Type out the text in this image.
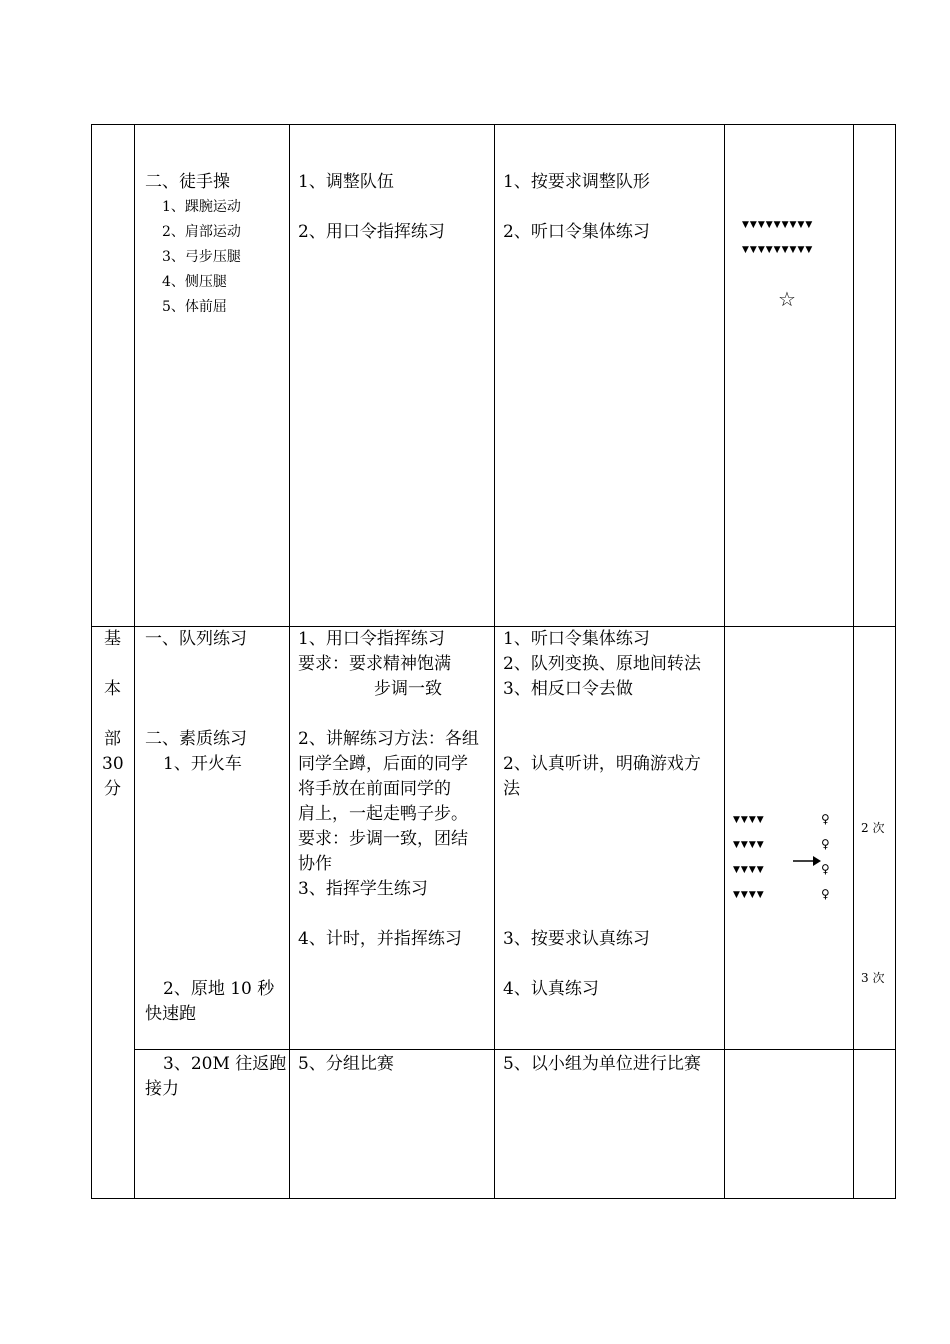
二、徒手操
1、踝腕运动
2、肩部运动
3、弓步压腿
4、侧压腿
5、体前屈
1、调整队伍
2、用口令指挥练习
1、按要求调整队形
2、听口令集体练习	▼▼▼▼▼▼▼▼▼
▼▼▼▼▼▼▼▼▼
☆
基
本
部
30
分
一、队列练习
二、素质练习
1、开火车
2、原地 10 秒
快速跑
3、20M 往返跑
接力
1、用口令指挥练习
要求：要求精神饱满
步调一致
2、讲解练习方法：各组
同学全蹲，后面的同学
将手放在前面同学的
肩上，一起走鸭子步。
要求：步调一致，团结
协作
3、指挥学生练习
4、计时，并指挥练习
5、分组比赛
1、听口令集体练习
2、队列变换、原地间转法
3、相反口令去做
2、认真听讲，明确游戏方
法
3、按要求认真练习
4、认真练习
5、以小组为单位进行比赛
▼▼▼▼
▼▼▼▼
▼▼▼▼
▼▼▼▼
♀
♀
♀
♀
2 次
3 次
